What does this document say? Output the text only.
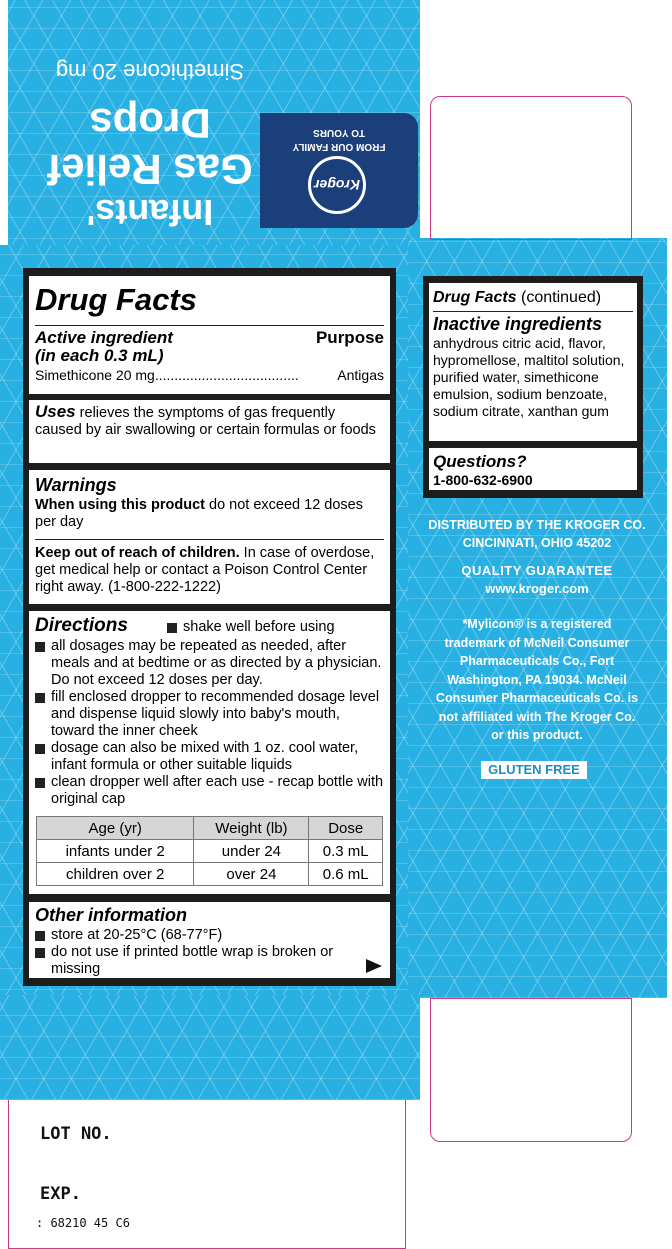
Infants'
Gas Relief
Drops
Simethicone 20 mg
Kroger
FROM OUR FAMILY
TO YOURS
Drug Facts
Active ingredient
(in each 0.3 mL)
Purpose
Simethicone 20 mg.....................................	Antigas
Uses relieves the symptoms of gas frequently caused by air swallowing or certain formulas or foods
Warnings
When using this product do not exceed 12 doses per day
Keep out of reach of children. In case of overdose, get medical help or contact a Poison Control Center right away. (1-800-222-1222)
Directions	shake well before using
all dosages may be repeated as needed, after meals and at bedtime or as directed by a physician. Do not exceed 12 doses per day.
fill enclosed dropper to recommended dosage level and dispense liquid slowly into baby's mouth, toward the inner cheek
dosage can also be mixed with 1 oz. cool water, infant formula or other suitable liquids
clean dropper well after each use - recap bottle with original cap
Age (yr)	Weight (lb)	Dose
infants under 2	under 24	0.3 mL
children over 2	over 24	0.6 mL
Other information
store at 20-25°C (68-77°F)
do not use if printed bottle wrap is broken or missing
Drug Facts (continued)
Inactive ingredients
anhydrous citric acid, flavor, hypromellose, maltitol solution, purified water, simethicone emulsion, sodium benzoate, sodium citrate, xanthan gum
Questions?
1-800-632-6900
DISTRIBUTED BY THE KROGER CO.
CINCINNATI, OHIO 45202
QUALITY GUARANTEE
www.kroger.com
*Mylicon® is a registered trademark of McNeil Consumer Pharmaceuticals Co., Fort Washington, PA 19034. McNeil Consumer Pharmaceuticals Co. is not affiliated with The Kroger Co. or this product.
GLUTEN FREE
LOT NO.
EXP.
: 68210 45 C6
